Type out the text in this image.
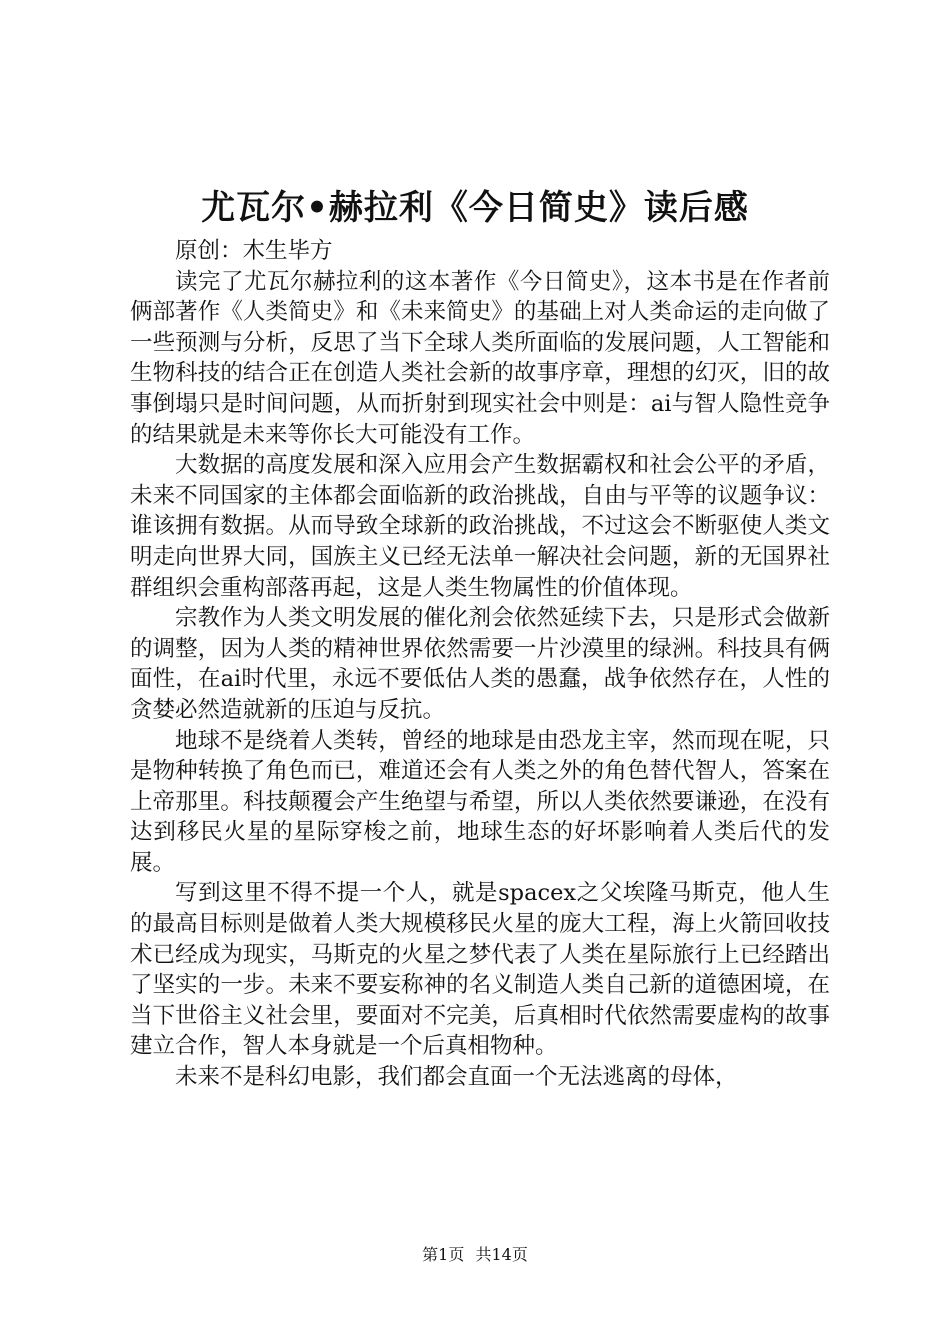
尤瓦尔•赫拉利《今日简史》读后感

原创：木生毕方

读完了尤瓦尔赫拉利的这本著作《今日简史》，这本书是在作者前俩部著作《人类简史》和《未来简史》的基础上对人类命运的走向做了一些预测与分析，反思了当下全球人类所面临的发展问题，人工智能和生物科技的结合正在创造人类社会新的故事序章，理想的幻灭，旧的故事倒塌只是时间问题，从而折射到现实社会中则是：ai与智人隐性竞争的结果就是未来等你长大可能没有工作。

大数据的高度发展和深入应用会产生数据霸权和社会公平的矛盾，未来不同国家的主体都会面临新的政治挑战，自由与平等的议题争议：谁该拥有数据。从而导致全球新的政治挑战，不过这会不断驱使人类文明走向世界大同，国族主义已经无法单一解决社会问题，新的无国界社群组织会重构部落再起，这是人类生物属性的价值体现。

宗教作为人类文明发展的催化剂会依然延续下去，只是形式会做新的调整，因为人类的精神世界依然需要一片沙漠里的绿洲。科技具有俩面性，在ai时代里，永远不要低估人类的愚蠢，战争依然存在，人性的贪婪必然造就新的压迫与反抗。

地球不是绕着人类转，曾经的地球是由恐龙主宰，然而现在呢，只是物种转换了角色而已，难道还会有人类之外的角色替代智人，答案在上帝那里。科技颠覆会产生绝望与希望，所以人类依然要谦逊，在没有达到移民火星的星际穿梭之前，地球生态的好坏影响着人类后代的发展。

写到这里不得不提一个人，就是spacex之父埃隆马斯克，他人生的最高目标则是做着人类大规模移民火星的庞大工程，海上火箭回收技术已经成为现实，马斯克的火星之梦代表了人类在星际旅行上已经踏出了坚实的一步。未来不要妄称神的名义制造人类自己新的道德困境，在当下世俗主义社会里，要面对不完美，后真相时代依然需要虚构的故事建立合作，智人本身就是一个后真相物种。

未来不是科幻电影，我们都会直面一个无法逃离的母体，

第1页 共14页
